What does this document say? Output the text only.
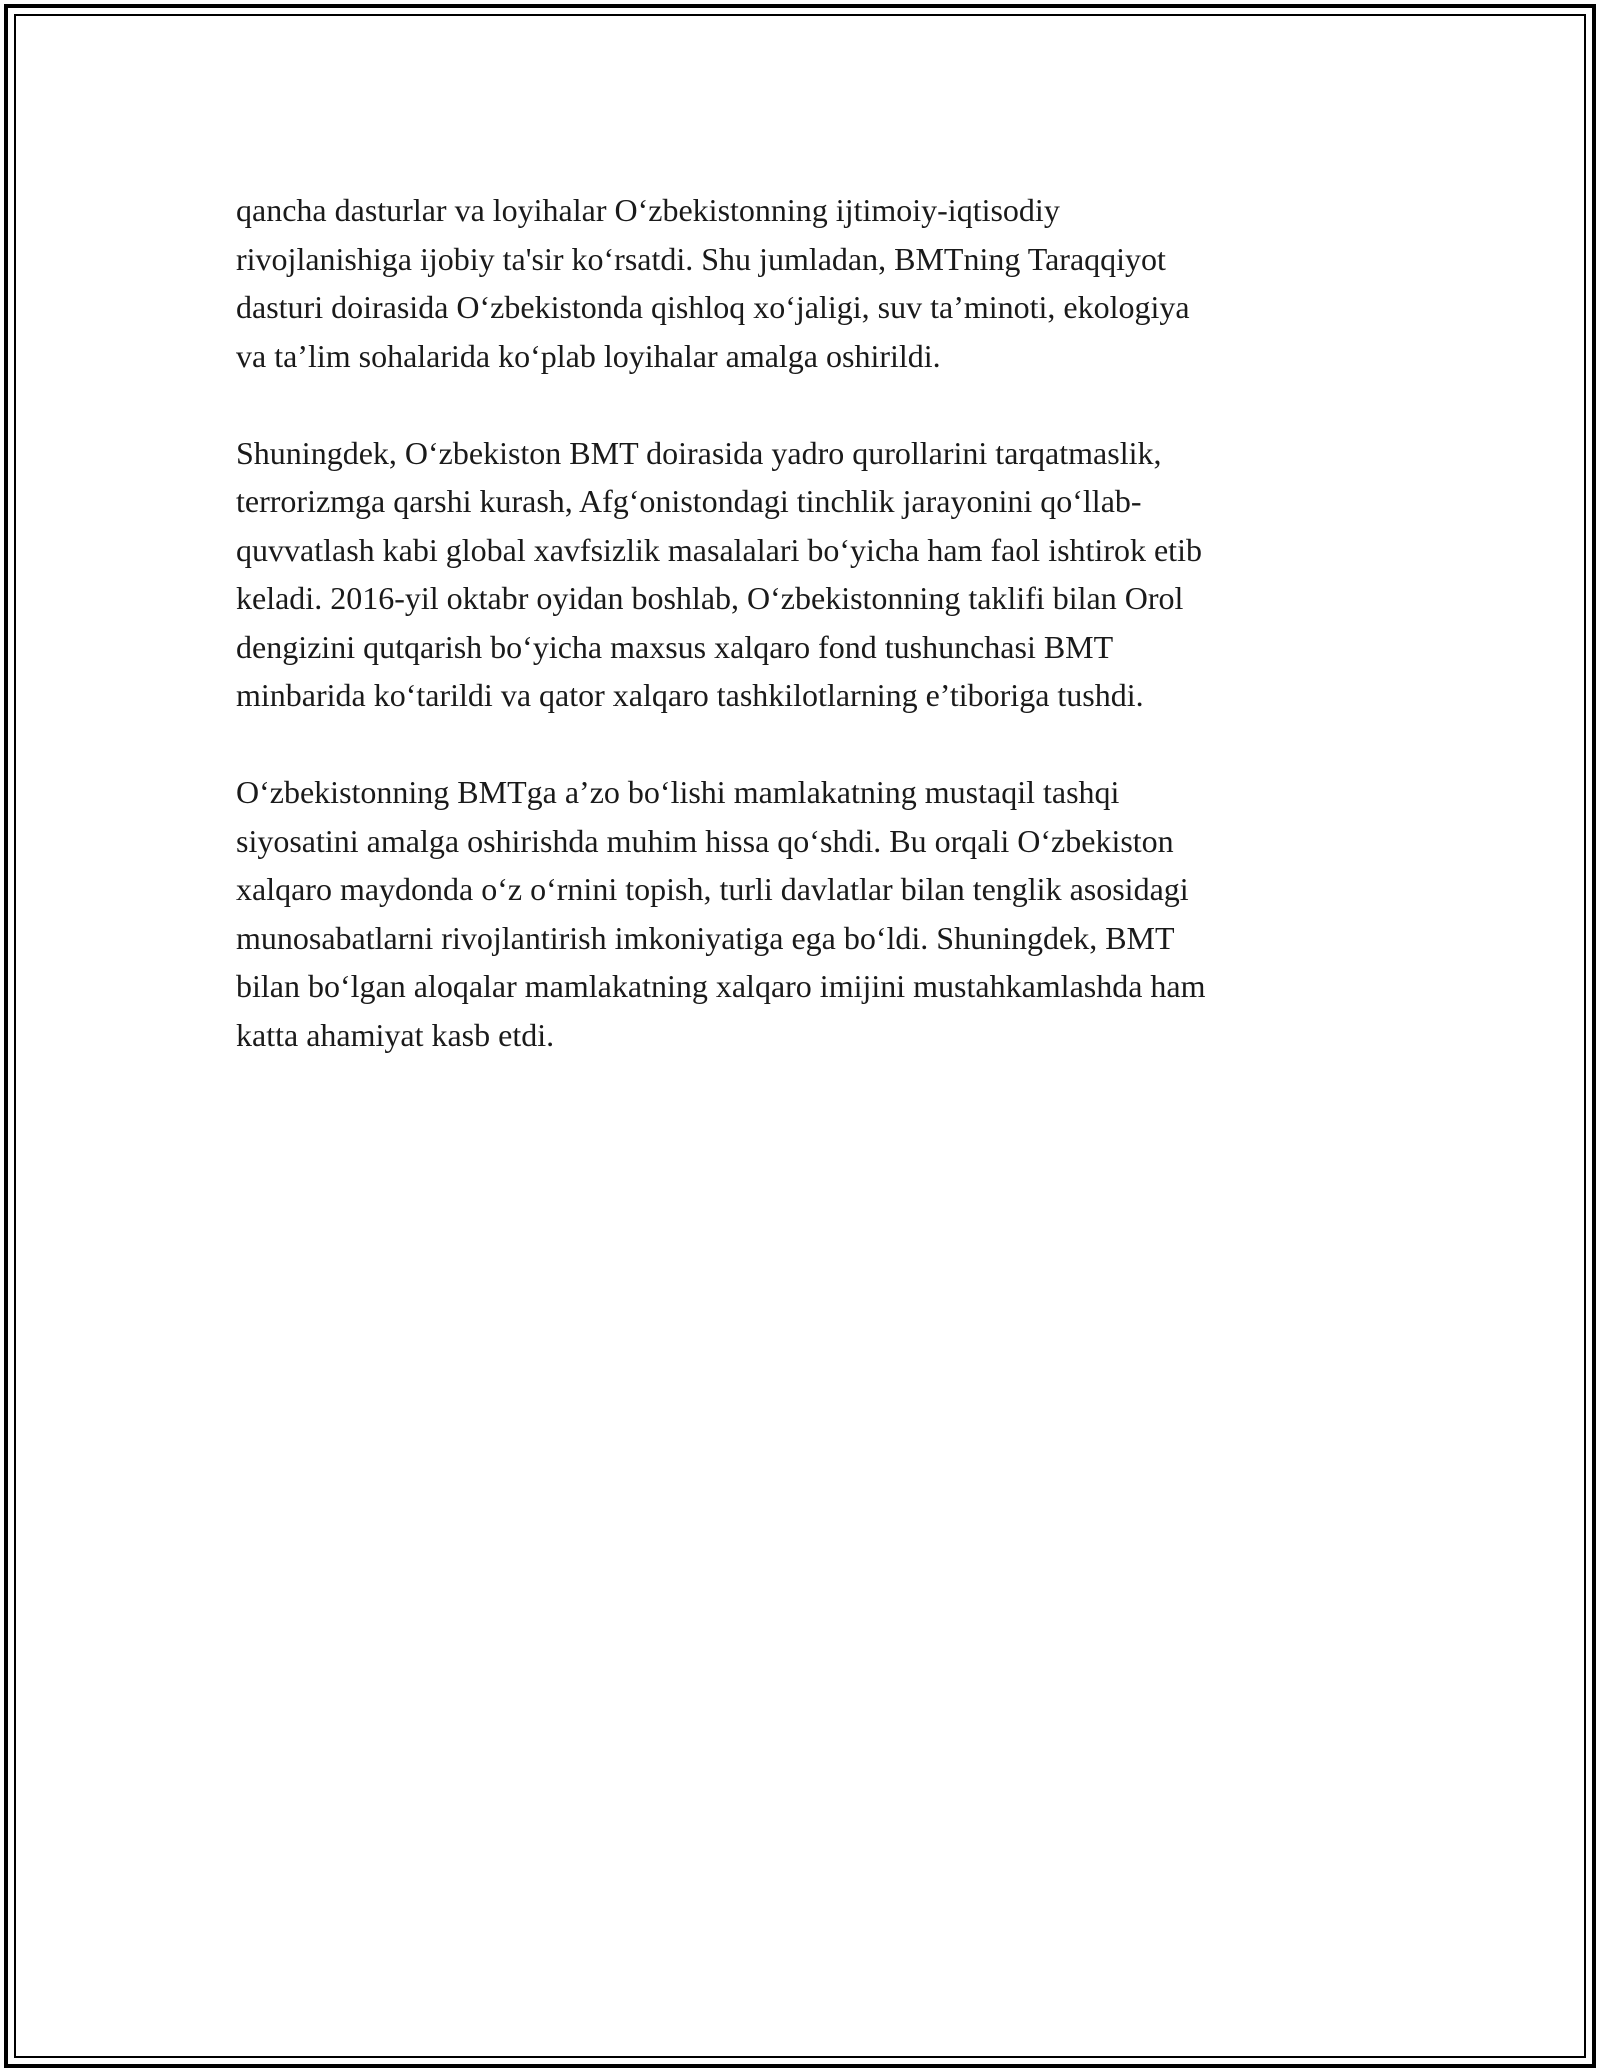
qancha dasturlar va loyihalar O‘zbekistonning ijtimoiy-iqtisodiy
rivojlanishiga ijobiy ta'sir ko‘rsatdi. Shu jumladan, BMTning Taraqqiyot
dasturi doirasida O‘zbekistonda qishloq xo‘jaligi, suv ta’minoti, ekologiya
va ta’lim sohalarida ko‘plab loyihalar amalga oshirildi.

Shuningdek, O‘zbekiston BMT doirasida yadro qurollarini tarqatmaslik,
terrorizmga qarshi kurash, Afg‘onistondagi tinchlik jarayonini qo‘llab-
quvvatlash kabi global xavfsizlik masalalari bo‘yicha ham faol ishtirok etib
keladi. 2016-yil oktabr oyidan boshlab, O‘zbekistonning taklifi bilan Orol
dengizini qutqarish bo‘yicha maxsus xalqaro fond tushunchasi BMT
minbarida ko‘tarildi va qator xalqaro tashkilotlarning e’tiboriga tushdi.

O‘zbekistonning BMTga a’zo bo‘lishi mamlakatning mustaqil tashqi
siyosatini amalga oshirishda muhim hissa qo‘shdi. Bu orqali O‘zbekiston
xalqaro maydonda o‘z o‘rnini topish, turli davlatlar bilan tenglik asosidagi
munosabatlarni rivojlantirish imkoniyatiga ega bo‘ldi. Shuningdek, BMT
bilan bo‘lgan aloqalar mamlakatning xalqaro imijini mustahkamlashda ham
katta ahamiyat kasb etdi.
